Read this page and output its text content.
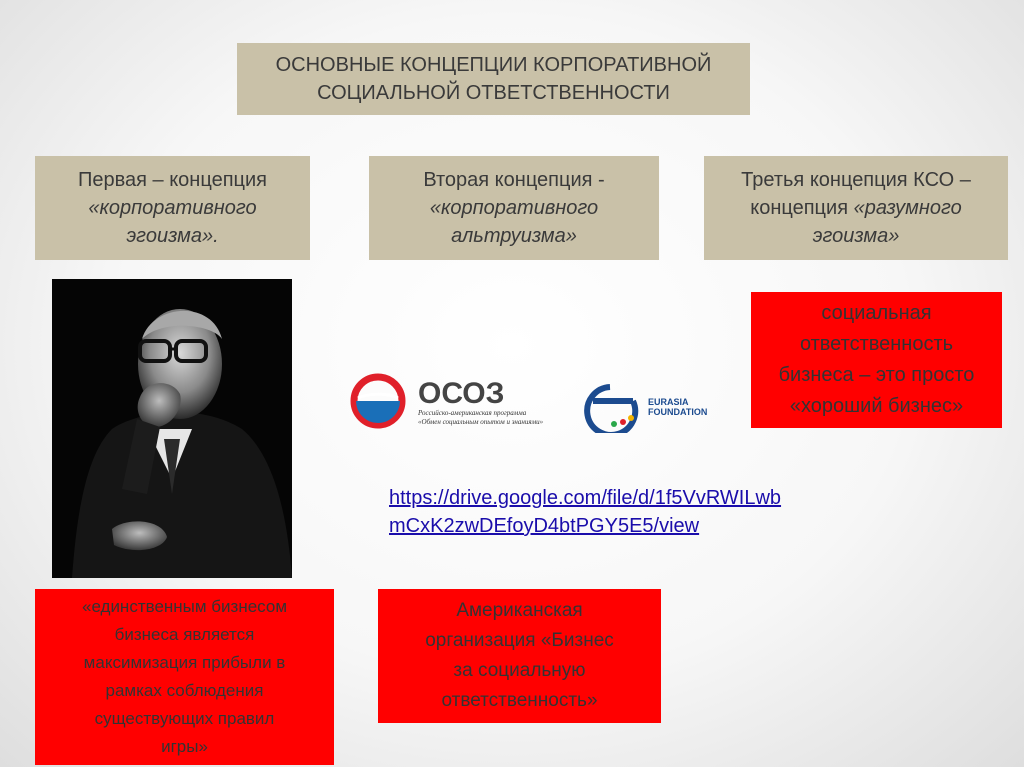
ОСНОВНЫЕ КОНЦЕПЦИИ КОРПОРАТИВНОЙ
СОЦИАЛЬНОЙ ОТВЕТСТВЕННОСТИ
Первая – концепция
«корпоративного
эгоизма».
Вторая концепция -
«корпоративного
альтруизма»
Третья концепция КСО –
концепция «разумного
эгоизма»
ОСОЗ
Российско-американская программа
«Обмен социальным опытом и знаниями»
EURASIA
FOUNDATION
https://drive.google.com/file/d/1f5VvRWILwb
mCxK2zwDEfoyD4btPGY5E5/view
социальная
ответственность
бизнеса – это просто
«хороший бизнес»
«единственным бизнесом
бизнеса является
максимизация прибыли в
рамках соблюдения
существующих правил
игры»
Американская
организация «Бизнес
за социальную
ответственность»
